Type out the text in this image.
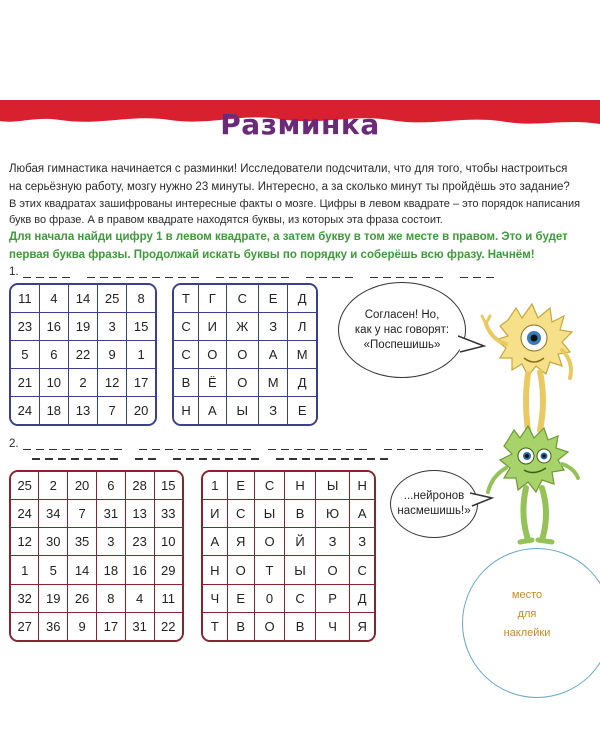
Разминка

Любая гимнастика начинается с разминки! Исследователи подсчитали, что для того, чтобы настроиться

на серьёзную работу, мозгу нужно 23 минуты. Интересно, а за сколько минут ты пройдёшь это задание?

В этих квадратах зашифрованы интересные факты о мозге. Цифры в левом квадрате – это порядок написания

букв во фразе. А в правом квадрате находятся буквы, из которых эта фраза состоит.

Для начала найди цифру 1 в левом квадрате, а затем букву в том же месте в правом. Это и будет

первая буква фразы. Продолжай искать буквы по порядку и соберёшь всю фразу. Начнём!

1.
11	4	14	25	8
23	16	19	3	15
5	6	22	9	1
21	10	2	12	17
24	18	13	7	20
Т	Г	С	Е	Д
С	И	Ж	З	Л
С	О	О	А	М
В	Ё	О	М	Д
Н	А	Ы	З	Е
Согласен! Но,
как у нас говорят:
«Поспешишь»
2.
25	2	20	6	28	15
24	34	7	31	13	33
12	30	35	3	23	10
1	5	14	18	16	29
32	19	26	8	4	11
27	36	9	17	31	22
1	Е	С	Н	Ы	Н
И	С	Ы	В	Ю	А
А	Я	О	Й	З	З
Н	О	Т	Ы	О	С
Ч	Е	0	С	Р	Д
Т	В	О	В	Ч	Я
...нейронов
насмешишь!»
место
для
наклейки
